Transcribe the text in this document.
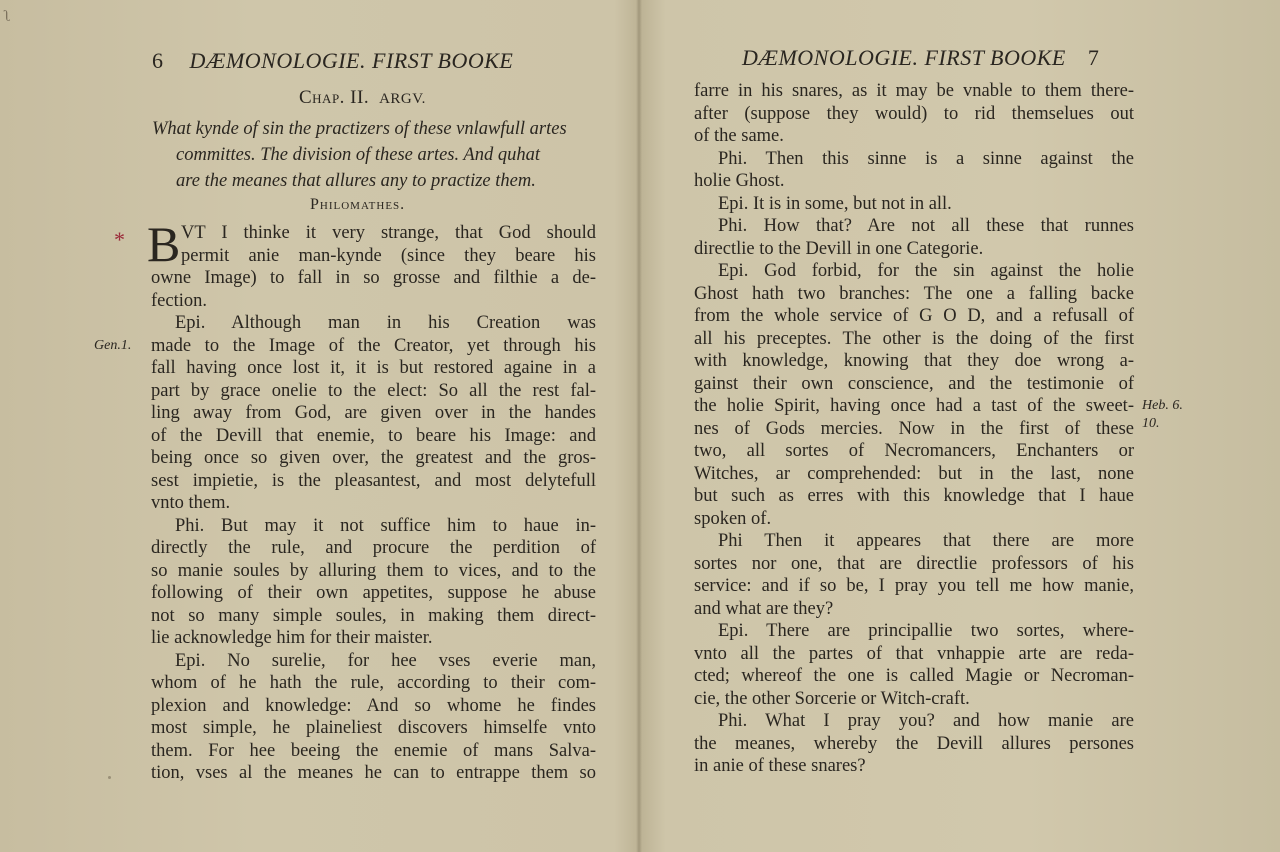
ʅ
6 DÆMONOLOGIE. FIRST BOOKE
Chap. II. ARGV.
What kynde of sin the practizers of these vnlawfull artes
committes. The division of these artes. And quhat
are the meanes that allures any to practize them.
Philomathes.
*
Gen.1.
B VT I thinke it very strange, that God should
permit anie man-kynde (since they beare his
owne Image) to fall in so grosse and filthie a de-
fection.
Epi. Although man in his Creation was
made to the Image of the Creator, yet through his
fall having once lost it, it is but restored againe in a
part by grace onelie to the elect: So all the rest fal-
ling away from God, are given over in the handes
of the Devill that enemie, to beare his Image: and
being once so given over, the greatest and the gros-
sest impietie, is the pleasantest, and most delytefull
vnto them.
Phi. But may it not suffice him to haue in-
directly the rule, and procure the perdition of
so manie soules by alluring them to vices, and to the
following of their own appetites, suppose he abuse
not so many simple soules, in making them direct-
lie acknowledge him for their maister.
Epi. No surelie, for hee vses everie man,
whom of he hath the rule, according to their com-
plexion and knowledge: And so whome he findes
most simple, he plaineliest discovers himselfe vnto
them. For hee beeing the enemie of mans Salva-
tion, vses al the meanes he can to entrappe them so
DÆMONOLOGIE. FIRST BOOKE 7
Heb. 6.
10.
farre in his snares, as it may be vnable to them there-
after (suppose they would) to rid themselues out
of the same.
Phi. Then this sinne is a sinne against the
holie Ghost.
Epi. It is in some, but not in all.
Phi. How that? Are not all these that runnes
directlie to the Devill in one Categorie.
Epi. God forbid, for the sin against the holie
Ghost hath two branches: The one a falling backe
from the whole service of G O D, and a refusall of
all his preceptes. The other is the doing of the first
with knowledge, knowing that they doe wrong a-
gainst their own conscience, and the testimonie of
the holie Spirit, having once had a tast of the sweet-
nes of Gods mercies. Now in the first of these
two, all sortes of Necromancers, Enchanters or
Witches, ar comprehended: but in the last, none
but such as erres with this knowledge that I haue
spoken of.
Phi Then it appeares that there are more
sortes nor one, that are directlie professors of his
service: and if so be, I pray you tell me how manie,
and what are they?
Epi. There are principallie two sortes, where-
vnto all the partes of that vnhappie arte are reda-
cted; whereof the one is called Magie or Necroman-
cie, the other Sorcerie or Witch-craft.
Phi. What I pray you? and how manie are
the meanes, whereby the Devill allures persones
in anie of these snares?
